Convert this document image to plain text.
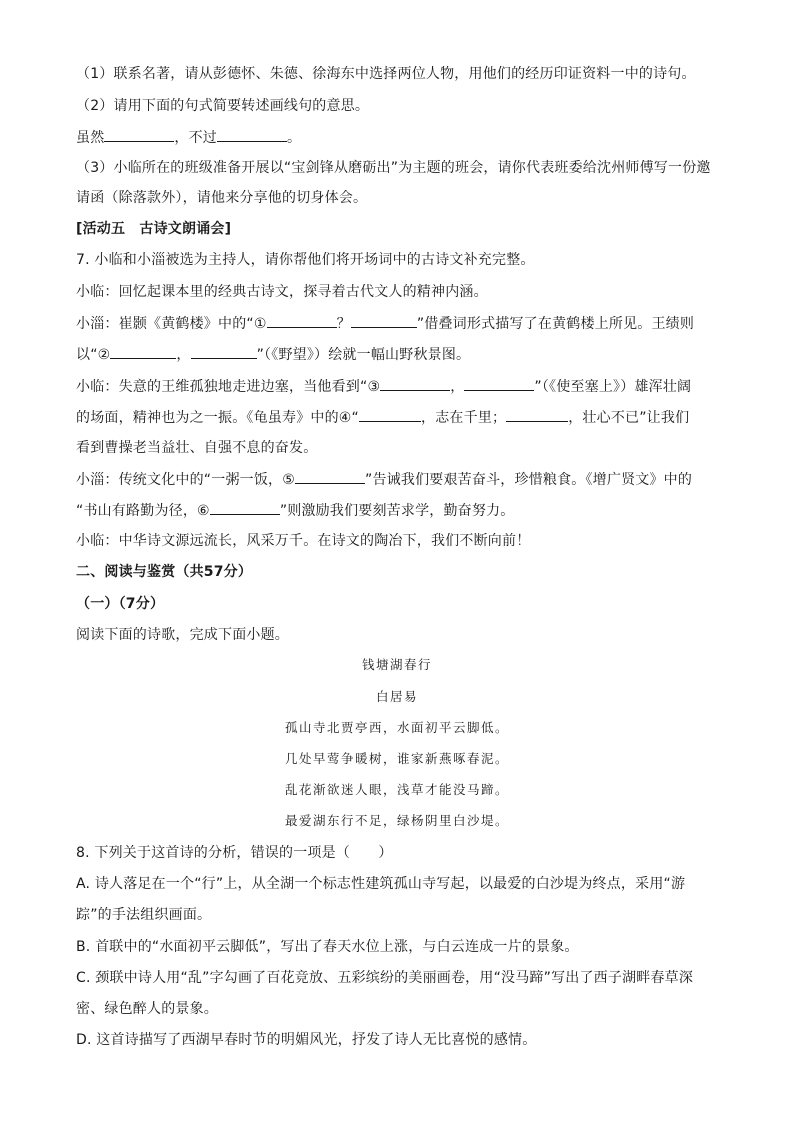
（1）联系名著，请从彭德怀、朱德、徐海东中选择两位人物，用他们的经历印证资料一中的诗句。
（2）请用下面的句式简要转述画线句的意思。
虽然	，不过	。
（3）小临所在的班级准备开展以“宝剑锋从磨砺出”为主题的班会，请你代表班委给沈州师傅写一份邀
请函（除落款外），请他来分享他的切身体会。
[活动五　古诗文朗诵会]
7. 小临和小淄被选为主持人，请你帮他们将开场词中的古诗文补充完整。
小临：回忆起课本里的经典古诗文，探寻着古代文人的精神内涵。
小淄：崔颢《黄鹤楼》中的“①	？	”借叠词形式描写了在黄鹤楼上所见。王绩则
以“②	，	”（《野望》）绘就一幅山野秋景图。
小临：失意的王维孤独地走进边塞，当他看到“③	，	”（《使至塞上》）雄浑壮阔
的场面，精神也为之一振。《龟虽寿》中的④“	，志在千里；	，壮心不已”让我们
看到曹操老当益壮、自强不息的奋发。
小淄：传统文化中的“一粥一饭，⑤	”告诫我们要艰苦奋斗，珍惜粮食。《增广贤文》中的
“书山有路勤为径，⑥	”则激励我们要刻苦求学，勤奋努力。
小临：中华诗文源远流长，风采万千。在诗文的陶冶下，我们不断向前！
二、阅读与鉴赏（共57分）
（一）（7分）
阅读下面的诗歌，完成下面小题。
钱塘湖春行
白居易
孤山寺北贾亭西，水面初平云脚低。
几处早莺争暖树，谁家新燕啄春泥。
乱花渐欲迷人眼，浅草才能没马蹄。
最爱湖东行不足，绿杨阴里白沙堤。
8. 下列关于这首诗的分析，错误的一项是（　　）
A. 诗人落足在一个“行”上，从全湖一个标志性建筑孤山寺写起，以最爱的白沙堤为终点，采用“游
踪”的手法组织画面。
B. 首联中的“水面初平云脚低”，写出了春天水位上涨，与白云连成一片的景象。
C. 颈联中诗人用“乱”字勾画了百花竞放、五彩缤纷的美丽画卷，用“没马蹄”写出了西子湖畔春草深
密、绿色醉人的景象。
D. 这首诗描写了西湖早春时节的明媚风光，抒发了诗人无比喜悦的感情。
